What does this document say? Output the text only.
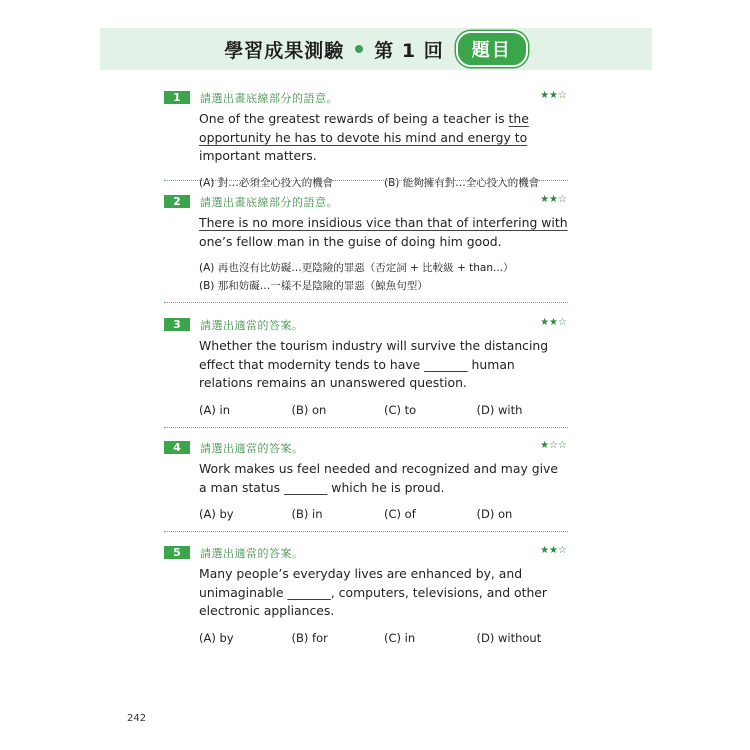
學習成果測驗 第 1 回	題目
1	請選出畫底線部分的語意。	★★☆
One of the greatest rewards of being a teacher is the opportunity he has to devote his mind and energy to important matters.
(A) 對…必須全心投入的機會	(B) 能夠擁有對…全心投入的機會
2	請選出畫底線部分的語意。	★★☆
There is no more insidious vice than that of interfering with one’s fellow man in the guise of doing him good.
(A) 再也沒有比妨礙…更陰險的罪惡（否定詞 + 比較級 + than...）
(B) 那和妨礙…一樣不是陰險的罪惡（鯨魚句型）
3	請選出適當的答案。	★★☆
Whether the tourism industry will survive the distancing effect that modernity tends to have _______ human relations remains an unanswered question.
(A) in	(B) on	(C) to	(D) with
4	請選出適當的答案。	★☆☆
Work makes us feel needed and recognized and may give a man status _______ which he is proud.
(A) by	(B) in	(C) of	(D) on
5	請選出適當的答案。	★★☆
Many people’s everyday lives are enhanced by, and unimaginable _______, computers, televisions, and other electronic appliances.
(A) by	(B) for	(C) in	(D) without
242
